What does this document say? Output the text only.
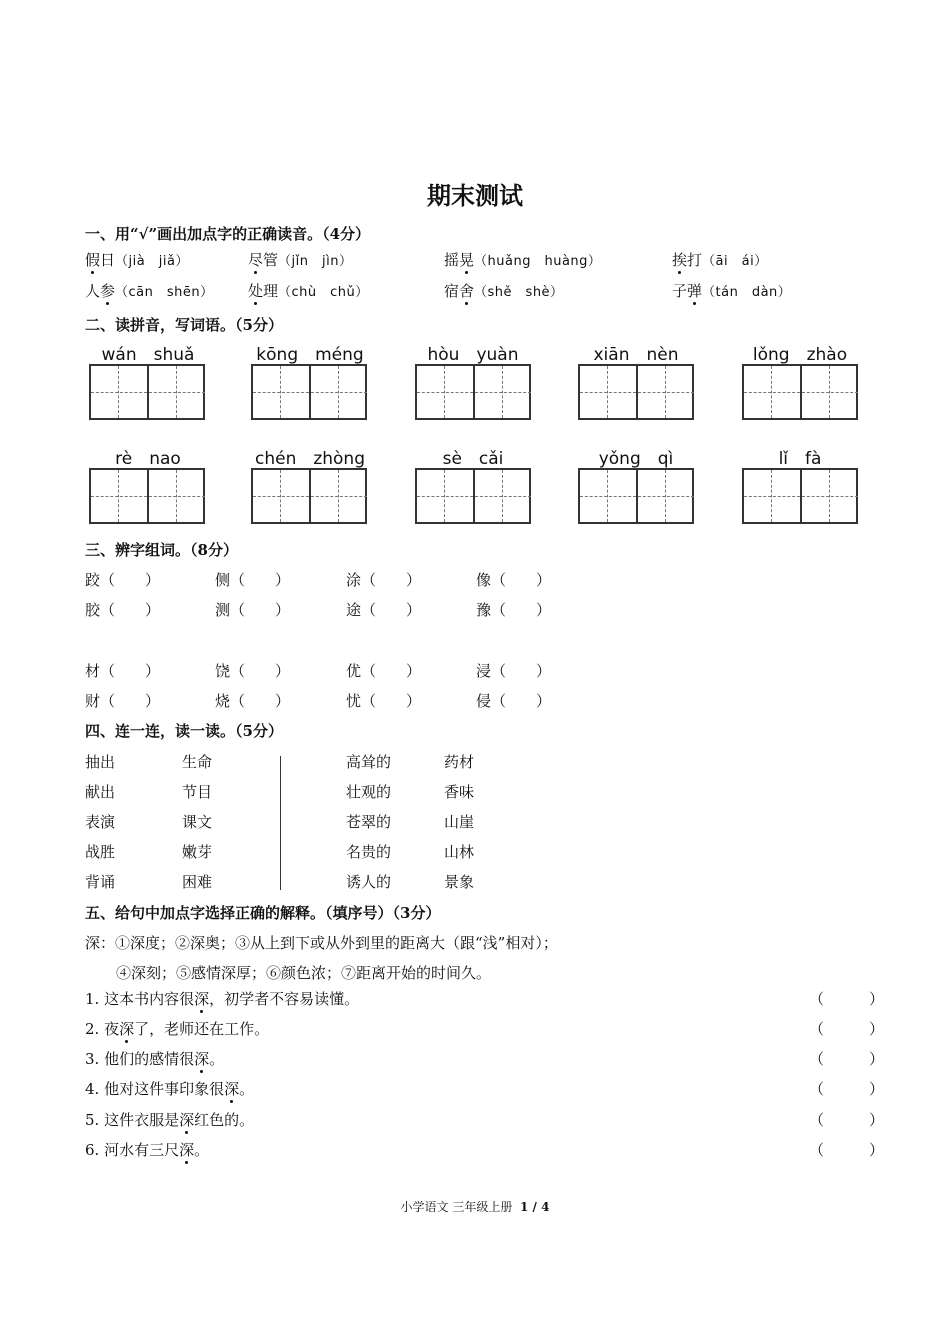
期末测试
一、用“√”画出加点字的正确读音。（4分）
假日（jià　jiǎ）	尽管（jǐn　jìn）	摇晃（huǎng　huàng）	挨打（āi　ái）
人参（cān　shēn） 处理（chù　chǔ）	宿舍（shě　shè）	子弹（tán　dàn）
二、读拼音，写词语。（5分）
wán　shuǎ	kōng　méng	hòu　yuàn	xiān　nèn	lǒng　zhào
rè　nao	chén　zhòng	sè　cǎi	yǒng　qì	lǐ　fà
三、辨字组词。（8分）
跤（　　）	侧（　　）	涂（　　）	像（　　）
胶（　　）	测（　　）	途（　　）	豫（　　）
材（　　）	饶（　　）	优（　　）	浸（　　）
财（　　）	烧（　　）	忧（　　）	侵（　　）
四、连一连，读一读。（5分）
抽出	生命	高耸的	药材
献出	节目	壮观的	香味
表演	课文	苍翠的	山崖
战胜	嫩芽	名贵的	山林
背诵	困难	诱人的	景象
五、给句中加点字选择正确的解释。（填序号）（3分）
深：①深度；②深奥；③从上到下或从外到里的距离大（跟“浅”相对）；
④深刻；⑤感情深厚；⑥颜色浓；⑦距离开始的时间久。
1. 这本书内容很深，初学者不容易读懂。	（　　　）
2. 夜深了，老师还在工作。	（　　　）
3. 他们的感情很深。	（　　　）
4. 他对这件事印象很深。	（　　　）
5. 这件衣服是深红色的。	（　　　）
6. 河水有三尺深。	（　　　）
小学语文 三年级上册 1 / 4
